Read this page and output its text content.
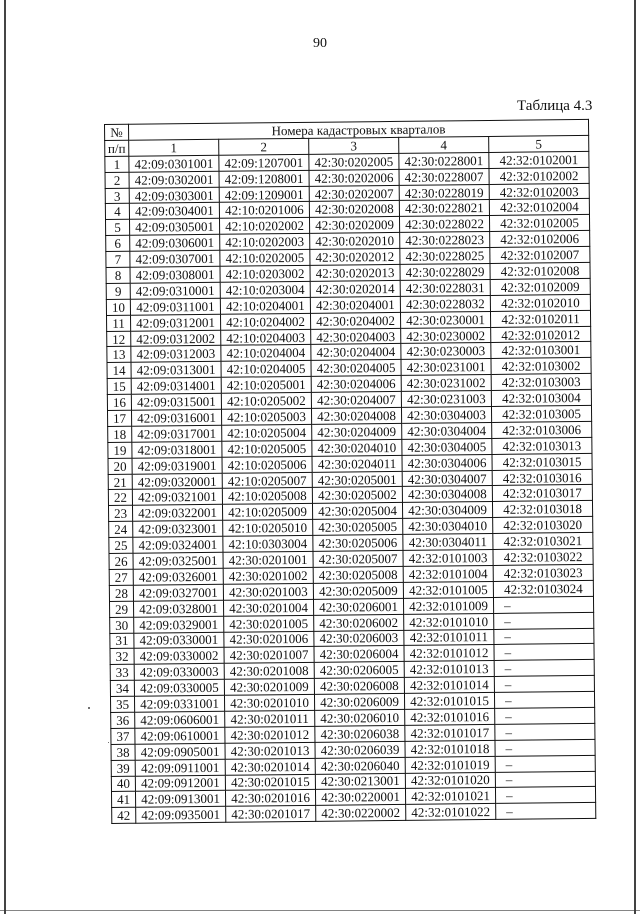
90
Таблица 4.3
№	Номера кадастровых кварталов				
п/п	1	2	3	4	5
1	42:09:0301001	42:09:1207001	42:30:0202005	42:30:0228001	42:32:0102001
2	42:09:0302001	42:09:1208001	42:30:0202006	42:30:0228007	42:32:0102002
3	42:09:0303001	42:09:1209001	42:30:0202007	42:30:0228019	42:32:0102003
4	42:09:0304001	42:10:0201006	42:30:0202008	42:30:0228021	42:32:0102004
5	42:09:0305001	42:10:0202002	42:30:0202009	42:30:0228022	42:32:0102005
6	42:09:0306001	42:10:0202003	42:30:0202010	42:30:0228023	42:32:0102006
7	42:09:0307001	42:10:0202005	42:30:0202012	42:30:0228025	42:32:0102007
8	42:09:0308001	42:10:0203002	42:30:0202013	42:30:0228029	42:32:0102008
9	42:09:0310001	42:10:0203004	42:30:0202014	42:30:0228031	42:32:0102009
10	42:09:0311001	42:10:0204001	42:30:0204001	42:30:0228032	42:32:0102010
11	42:09:0312001	42:10:0204002	42:30:0204002	42:30:0230001	42:32:0102011
12	42:09:0312002	42:10:0204003	42:30:0204003	42:30:0230002	42:32:0102012
13	42:09:0312003	42:10:0204004	42:30:0204004	42:30:0230003	42:32:0103001
14	42:09:0313001	42:10:0204005	42:30:0204005	42:30:0231001	42:32:0103002
15	42:09:0314001	42:10:0205001	42:30:0204006	42:30:0231002	42:32:0103003
16	42:09:0315001	42:10:0205002	42:30:0204007	42:30:0231003	42:32:0103004
17	42:09:0316001	42:10:0205003	42:30:0204008	42:30:0304003	42:32:0103005
18	42:09:0317001	42:10:0205004	42:30:0204009	42:30:0304004	42:32:0103006
19	42:09:0318001	42:10:0205005	42:30:0204010	42:30:0304005	42:32:0103013
20	42:09:0319001	42:10:0205006	42:30:0204011	42:30:0304006	42:32:0103015
21	42:09:0320001	42:10:0205007	42:30:0205001	42:30:0304007	42:32:0103016
22	42:09:0321001	42:10:0205008	42:30:0205002	42:30:0304008	42:32:0103017
23	42:09:0322001	42:10:0205009	42:30:0205004	42:30:0304009	42:32:0103018
24	42:09:0323001	42:10:0205010	42:30:0205005	42:30:0304010	42:32:0103020
25	42:09:0324001	42:10:0303004	42:30:0205006	42:30:0304011	42:32:0103021
26	42:09:0325001	42:30:0201001	42:30:0205007	42:32:0101003	42:32:0103022
27	42:09:0326001	42:30:0201002	42:30:0205008	42:32:0101004	42:32:0103023
28	42:09:0327001	42:30:0201003	42:30:0205009	42:32:0101005	42:32:0103024
29	42:09:0328001	42:30:0201004	42:30:0206001	42:32:0101009	–
30	42:09:0329001	42:30:0201005	42:30:0206002	42:32:0101010	–
31	42:09:0330001	42:30:0201006	42:30:0206003	42:32:0101011	–
32	42:09:0330002	42:30:0201007	42:30:0206004	42:32:0101012	–
33	42:09:0330003	42:30:0201008	42:30:0206005	42:32:0101013	–
34	42:09:0330005	42:30:0201009	42:30:0206008	42:32:0101014	–
35	42:09:0331001	42:30:0201010	42:30:0206009	42:32:0101015	–
36	42:09:0606001	42:30:0201011	42:30:0206010	42:32:0101016	–
37	42:09:0610001	42:30:0201012	42:30:0206038	42:32:0101017	–
38	42:09:0905001	42:30:0201013	42:30:0206039	42:32:0101018	–
39	42:09:0911001	42:30:0201014	42:30:0206040	42:32:0101019	–
40	42:09:0912001	42:30:0201015	42:30:0213001	42:32:0101020	–
41	42:09:0913001	42:30:0201016	42:30:0220001	42:32:0101021	–
42	42:09:0935001	42:30:0201017	42:30:0220002	42:32:0101022	–
